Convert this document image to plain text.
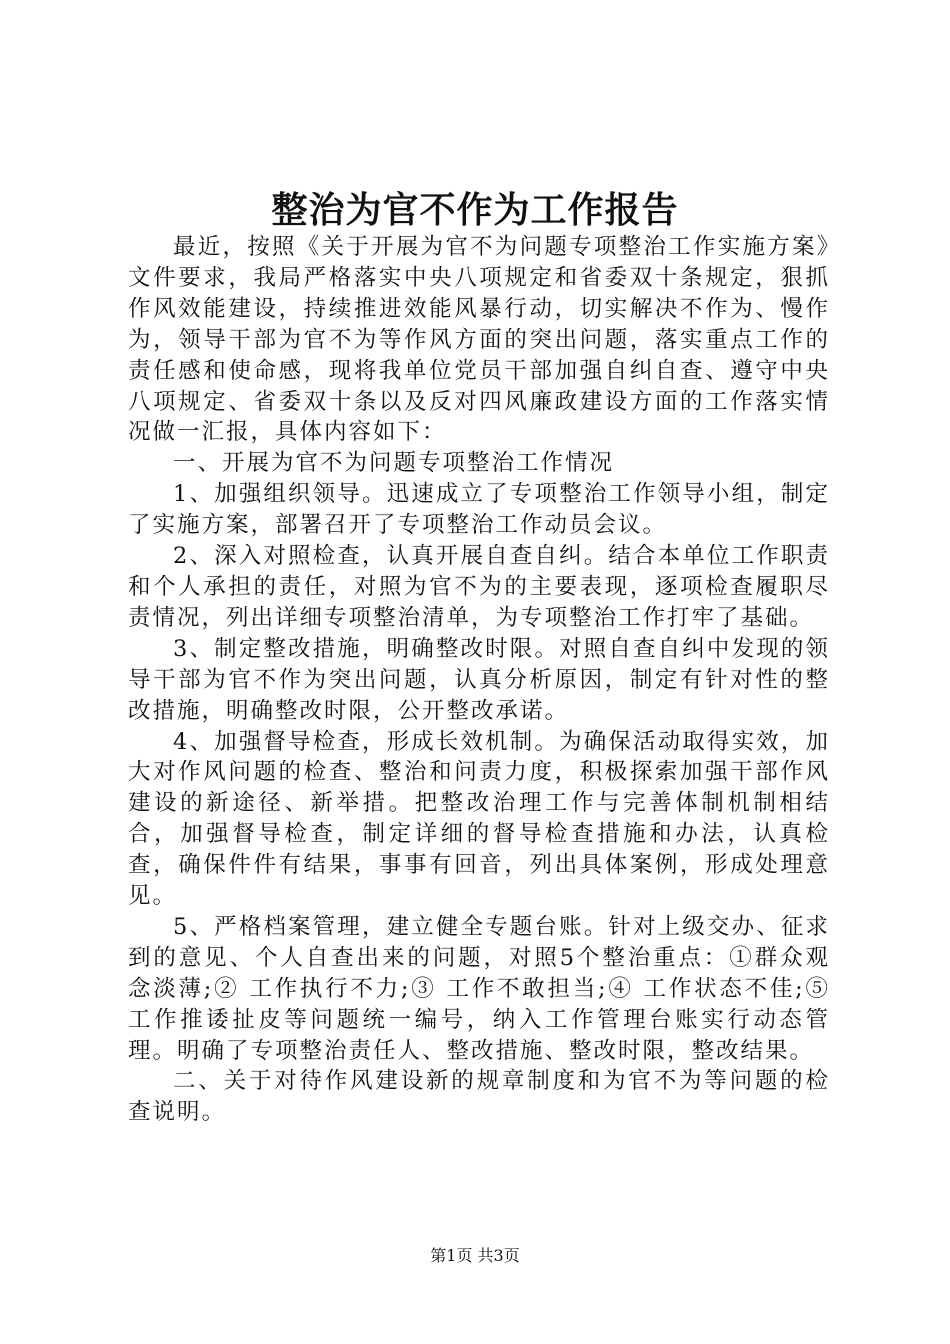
整治为官不作为工作报告

最近，按照《关于开展为官不为问题专项整治工作实施方案》文件要求，我局严格落实中央八项规定和省委双十条规定，狠抓作风效能建设，持续推进效能风暴行动，切实解决不作为、慢作为，领导干部为官不为等作风方面的突出问题，落实重点工作的责任感和使命感，现将我单位党员干部加强自纠自查、遵守中央八项规定、省委双十条以及反对四风廉政建设方面的工作落实情况做一汇报，具体内容如下：

一、开展为官不为问题专项整治工作情况

1、加强组织领导。迅速成立了专项整治工作领导小组，制定了实施方案，部署召开了专项整治工作动员会议。

2、深入对照检查，认真开展自查自纠。结合本单位工作职责和个人承担的责任，对照为官不为的主要表现，逐项检查履职尽责情况，列出详细专项整治清单，为专项整治工作打牢了基础。

3、制定整改措施，明确整改时限。对照自查自纠中发现的领导干部为官不作为突出问题，认真分析原因，制定有针对性的整改措施，明确整改时限，公开整改承诺。

4、加强督导检查，形成长效机制。为确保活动取得实效，加大对作风问题的检查、整治和问责力度，积极探索加强干部作风建设的新途径、新举措。把整改治理工作与完善体制机制相结合，加强督导检查，制定详细的督导检查措施和办法，认真检查，确保件件有结果，事事有回音，列出具体案例，形成处理意见。

5、严格档案管理，建立健全专题台账。针对上级交办、征求到的意见、个人自查出来的问题，对照5个整治重点：①群众观念淡薄;② 工作执行不力;③ 工作不敢担当;④ 工作状态不佳;⑤ 工作推诿扯皮等问题统一编号，纳入工作管理台账实行动态管理。明确了专项整治责任人、整改措施、整改时限，整改结果。

二、关于对待作风建设新的规章制度和为官不为等问题的检查说明。

第1页 共3页
